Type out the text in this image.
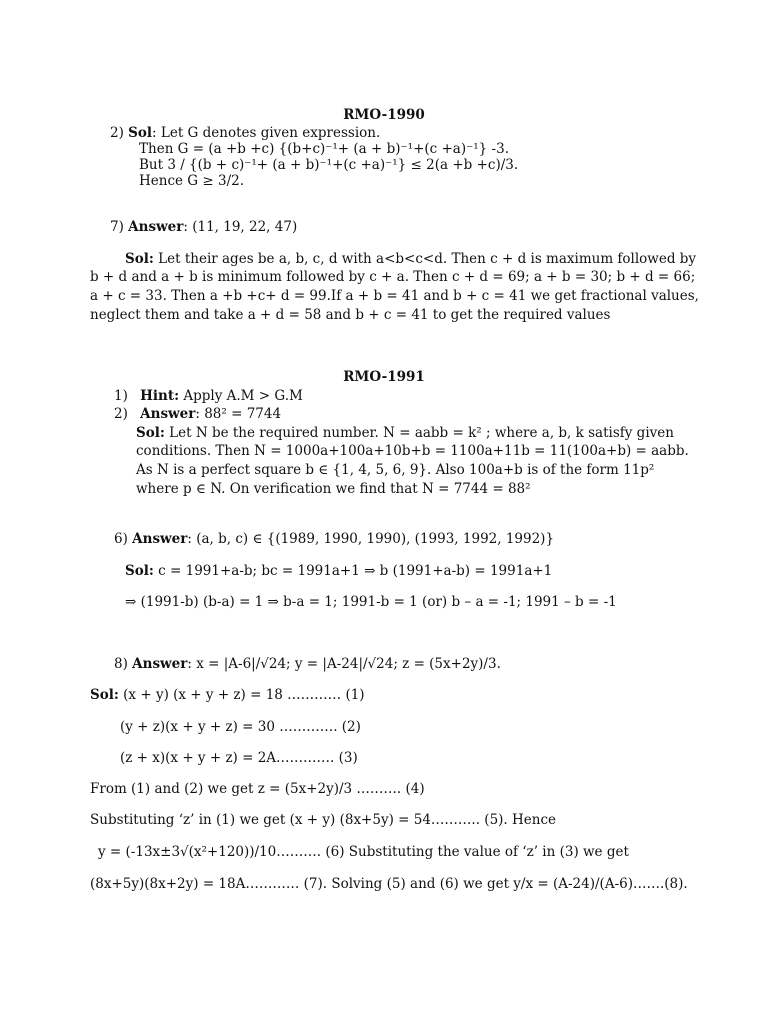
RMO-1990
2) Sol: Let G denotes given expression.
Then G = (a +b +c) {(b+c)⁻¹+ (a + b)⁻¹+(c +a)⁻¹} -3.
But 3 / {(b + c)⁻¹+ (a + b)⁻¹+(c +a)⁻¹} ≤ 2(a +b +c)/3.
Hence G ≥ 3/2.
7) Answer: (11, 19, 22, 47)
Sol: Let their ages be a, b, c, d with a<b<c<d. Then c + d is maximum followed by
b + d and a + b is minimum followed by c + a. Then c + d = 69; a + b = 30; b + d = 66;
a + c = 33. Then a +b +c+ d = 99.If a + b = 41 and b + c = 41 we get fractional values,
neglect them and take a + d = 58 and b + c = 41 to get the required values
RMO-1991
1) Hint: Apply A.M > G.M
2) Answer: 88² = 7744
Sol: Let N be the required number. N = aabb = k² ; where a, b, k satisfy given
conditions. Then N = 1000a+100a+10b+b = 1100a+11b = 11(100a+b) = aabb.
As N is a perfect square b ∈ {1, 4, 5, 6, 9}. Also 100a+b is of the form 11p²
where p ∈ N. On verification we find that N = 7744 = 88²
6) Answer: (a, b, c) ∈ {(1989, 1990, 1990), (1993, 1992, 1992)}
Sol: c = 1991+a-b; bc = 1991a+1 ⇒ b (1991+a-b) = 1991a+1
⇒ (1991-b) (b-a) = 1 ⇒ b-a = 1; 1991-b = 1 (or) b – a = -1; 1991 – b = -1
8) Answer: x = |A-6|/√24; y = |A-24|/√24; z = (5x+2y)/3.
Sol: (x + y) (x + y + z) = 18 ………… (1)
(y + z)(x + y + z) = 30 …………. (2)
(z + x)(x + y + z) = 2A…………. (3)
From (1) and (2) we get z = (5x+2y)/3 ………. (4)
Substituting ‘z’ in (1) we get (x + y) (8x+5y) = 54……….. (5). Hence
y = (-13x±3√(x²+120))/10………. (6) Substituting the value of ‘z’ in (3) we get
(8x+5y)(8x+2y) = 18A………… (7). Solving (5) and (6) we get y/x = (A-24)/(A-6)…….(8).
